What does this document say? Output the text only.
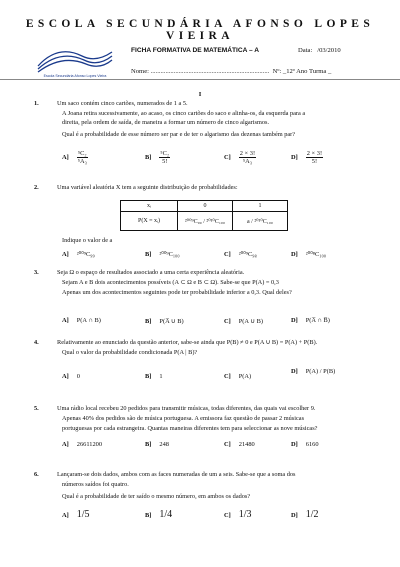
ESCOLA SECUNDÁRIA AFONSO LOPES VIEIRA
Escola Secundária Afonso Lopes Vieira
FICHA FORMATIVA DE MATEMÁTICA – A	Data: /03/2010
Nome: ........................................................................ Nº: _12º Ano Turma _
I
1.	Um saco contém cinco cartões, numerados de 1 a 5.
A Joana retira sucessivamente, ao acaso, os cinco cartões do saco e alinha-os, da esquerda para a
direita, pela ordem de saída, de maneira a formar um número de cinco algarismos.
Qual é a probabilidade de esse número ser par e de ter o algarismo das dezenas também par?
$A] \frac{\text{⁵C₂}}{\text{⁵A₃}}$	$B] \frac{\text{⁵C₂}}{5!}$	$C] \frac{2 \times 3!}{\text{⁵A₃}}$	$D] \frac{2 \times 3!}{5!}$
2.	Uma variável aleatória X tem a seguinte distribuição de probabilidades:
xᵢ	0	1
P(X = xᵢ)	²⁰⁰⁹C₉₉ / ²⁰¹⁰C₁₀₀	a / ²⁰¹⁰C₁₀₀
Indique o valor de a
A] ²⁰⁰⁹C₉₉	B] ²⁰⁰⁹C₁₀₀	C] ²⁰⁰⁹C₉₈	D] ²⁰⁰⁸C₁₀₀
3.	Seja Ω o espaço de resultados associado a uma certa experiência aleatória.
Sejam A e B dois acontecimentos possíveis (A ⊂ Ω e B ⊂ Ω). Sabe-se que P(A) = 0,3
Apenas um dos acontecimentos seguintes pode ter probabilidade inferior a 0,3. Qual deles?
A] P(A ∩ B)	B] P(A̅ ∪ B)	C] P(A ∪ B)	D] P(A̅ ∩ B̅)
4.	Relativamente ao enunciado da questão anterior, sabe-se ainda que P(B) ≠ 0 e P(A ∪ B) = P(A) + P(B).
Qual o valor da probabilidade condicionada P(A | B)?
A] 0	B] 1	C] P(A)
D] P(A) / P(B)
5.	Uma rádio local recebeu 20 pedidos para transmitir músicas, todas diferentes, das quais vai escolher 9.
Apenas 40% dos pedidos são de música portuguesa. A emissora faz questão de passar 2 músicas
portuguesas por cada estrangeira. Quantas maneiras diferentes tem para seleccionar as nove músicas?
A] 26611200	B] 248	C] 21480	D] 6160
6.	Lançaram-se dois dados, ambos com as faces numeradas de um a seis. Sabe-se que a soma dos
números saídos foi quatro.
Qual é a probabilidade de ter saído o mesmo número, em ambos os dados?
A] 1/5	B] 1/4	C] 1/3	D] 1/2
